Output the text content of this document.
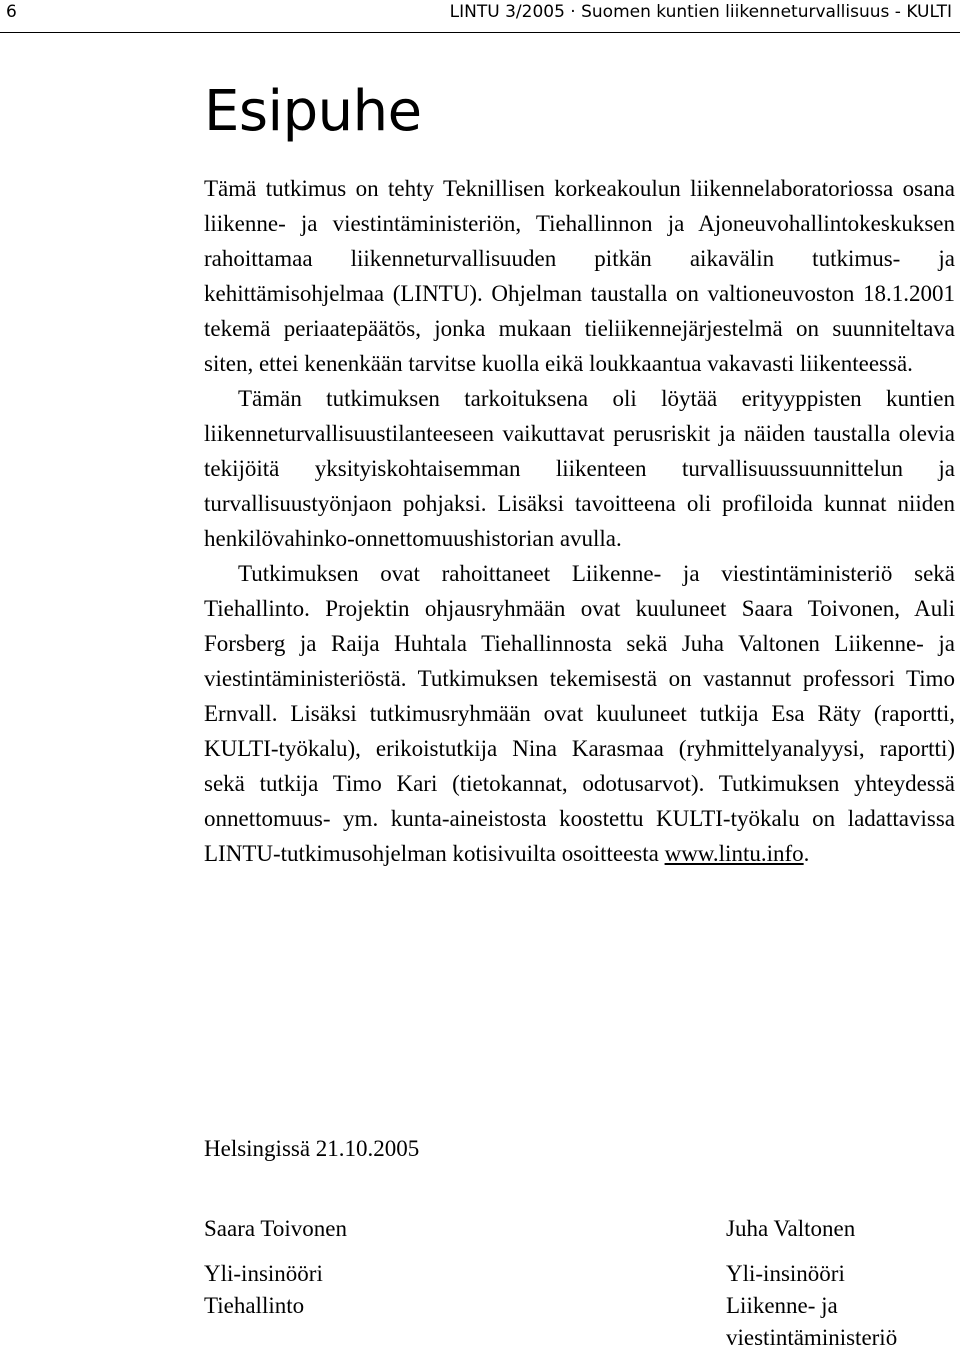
6	LINTU 3/2005 · Suomen kuntien liikenneturvallisuus - KULTI
Esipuhe

Tämä tutkimus on tehty Teknillisen korkeakoulun liikennelaboratoriossa osana liikenne- ja viestintäministeriön, Tiehallinnon ja Ajoneuvohallintokeskuksen rahoittamaa liikenneturvallisuuden pitkän aikavälin tutkimus- ja kehittämisohjelmaa (LINTU). Ohjelman taustalla on valtioneuvoston 18.1.2001 tekemä periaatepäätös, jonka mukaan tieliikennejärjestelmä on suunniteltava siten, ettei kenenkään tarvitse kuolla eikä loukkaantua vakavasti liikenteessä.

Tämän tutkimuksen tarkoituksena oli löytää erityyppisten kuntien liikenneturvallisuustilanteeseen vaikuttavat perusriskit ja näiden taustalla olevia tekijöitä yksityiskohtaisemman liikenteen turvallisuussuunnittelun ja turvallisuustyönjaon pohjaksi. Lisäksi tavoitteena oli profiloida kunnat niiden henkilövahinko-onnettomuushistorian avulla.

Tutkimuksen ovat rahoittaneet Liikenne- ja viestintäministeriö sekä Tiehallinto. Projektin ohjausryhmään ovat kuuluneet Saara Toivonen, Auli Forsberg ja Raija Huhtala Tiehallinnosta sekä Juha Valtonen Liikenne- ja viestintäministeriöstä. Tutkimuksen tekemisestä on vastannut professori Timo Ernvall. Lisäksi tutkimusryhmään ovat kuuluneet tutkija Esa Räty (raportti, KULTI-työkalu), erikoistutkija Nina Karasmaa (ryhmittelyanalyysi, raportti) sekä tutkija Timo Kari (tietokannat, odotusarvot). Tutkimuksen yhteydessä onnettomuus- ym. kunta-aineistosta koostettu KULTI-työkalu on ladattavissa LINTU-tutkimusohjelman kotisivuilta osoitteesta www.lintu.info.

Helsingissä 21.10.2005
Saara Toivonen
Yli-insinööri
Tiehallinto
Juha Valtonen
Yli-insinööri
Liikenne- ja
viestintäministeriö
